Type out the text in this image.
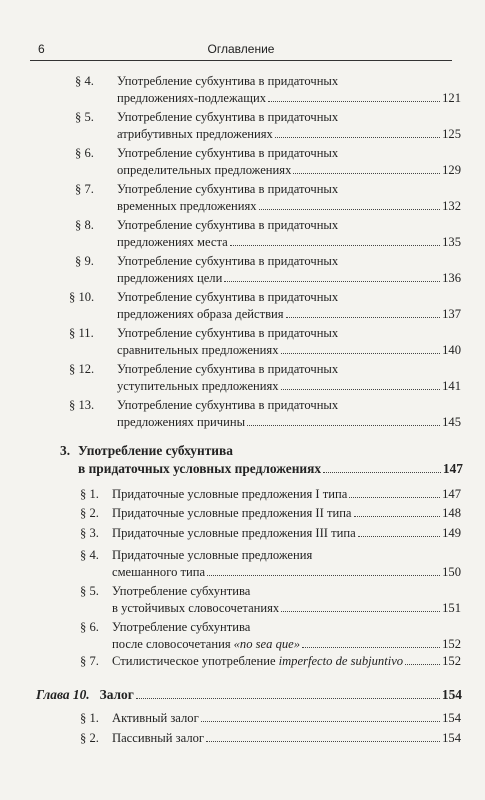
6	Оглавление
§ 4. Употребление субхунтива в придаточных
предложениях-подлежащих	121
§ 5. Употребление субхунтива в придаточных
атрибутивных предложениях	125
§ 6. Употребление субхунтива в придаточных
определительных предложениях	129
§ 7. Употребление субхунтива в придаточных
временных предложениях	132
§ 8. Употребление субхунтива в придаточных
предложениях места	135
§ 9. Употребление субхунтива в придаточных
предложениях цели	136
§ 10. Употребление субхунтива в придаточных
предложениях образа действия	137
§ 11. Употребление субхунтива в придаточных
сравнительных предложениях	140
§ 12. Употребление субхунтива в придаточных
уступительных предложениях	141
§ 13. Употребление субхунтива в придаточных
предложениях причины	145
3. Употребление субхунтива
в придаточных условных предложениях	147
§ 1. Придаточные условные предложения I типа	147
§ 2. Придаточные условные предложения II типа	148
§ 3. Придаточные условные предложения III типа	149
§ 4. Придаточные условные предложения
смешанного типа	150
§ 5. Употребление субхунтива
в устойчивых словосочетаниях	151
§ 6. Употребление субхунтива
после словосочетания «no sea que»	152
§ 7. Стилистическое употребление imperfecto de subjuntivo	152
Глава 10. Залог	154
§ 1. Активный залог	154
§ 2. Пассивный залог	154
